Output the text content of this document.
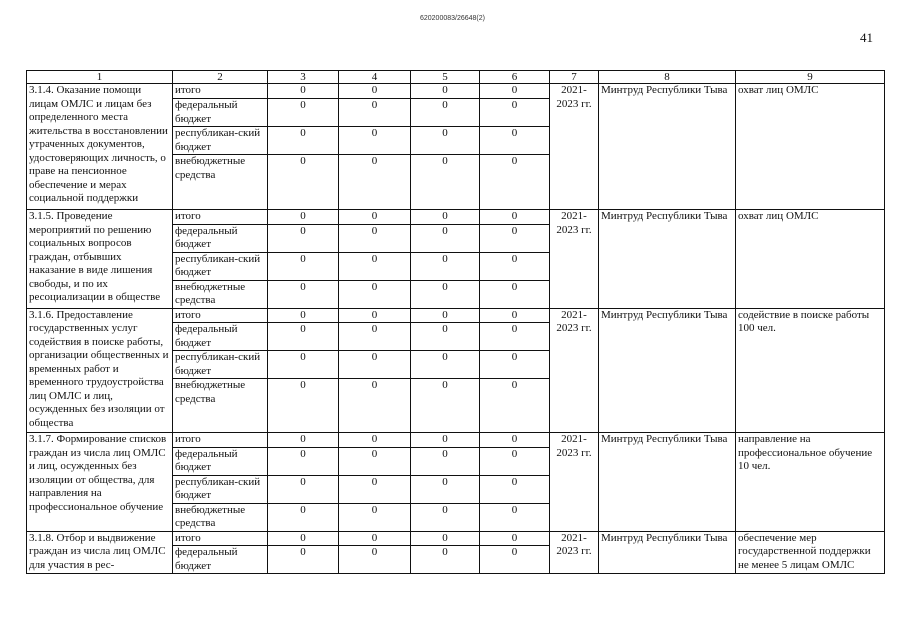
620200083/26648(2)
41
1	2	3	4	5	6	7	8	9
3.1.4. Оказание помощи лицам ОМЛС и лицам без определенного места жительства в восстановлении утраченных документов, удостоверяющих личность, о праве на пенсионное обеспечение и мерах социальной поддержки	итого	0	0	0	0	2021-2023 гг.	Минтруд Республики Тыва	охват лиц ОМЛС
	федеральный бюджет	0	0	0	0			
	республикан-ский бюджет	0	0	0	0			
	внебюджетные средства	0	0	0	0			
3.1.5. Проведение мероприятий по решению социальных вопросов граждан, отбывших наказание в виде лишения свободы, и по их ресоциализации в обществе	итого	0	0	0	0	2021-2023 гг.	Минтруд Республики Тыва	охват лиц ОМЛС
	федеральный бюджет	0	0	0	0			
	республикан-ский бюджет	0	0	0	0			
	внебюджетные средства	0	0	0	0			
3.1.6. Предоставление государственных услуг содействия в поиске работы, организации общественных и временных работ и временного трудоустройства лиц ОМЛС и лиц, осужденных без изоляции от общества	итого	0	0	0	0	2021-2023 гг.	Минтруд Республики Тыва	содействие в поиске работы 100 чел.
	федеральный бюджет	0	0	0	0			
	республикан-ский бюджет	0	0	0	0			
	внебюджетные средства	0	0	0	0			
3.1.7. Формирование списков граждан из числа лиц ОМЛС и лиц, осужденных без изоляции от общества, для направления на профессиональное обучение	итого	0	0	0	0	2021-2023 гг.	Минтруд Республики Тыва	направление на профессиональное обучение 10 чел.
	федеральный бюджет	0	0	0	0			
	республикан-ский бюджет	0	0	0	0			
	внебюджетные средства	0	0	0	0			
3.1.8. Отбор и выдвижение граждан из числа лиц ОМЛС для участия в рес-	итого	0	0	0	0	2021-2023 гг.	Минтруд Республики Тыва	обеспечение мер государственной поддержки не менее 5 лицам ОМЛС
	федеральный бюджет	0	0	0	0			
